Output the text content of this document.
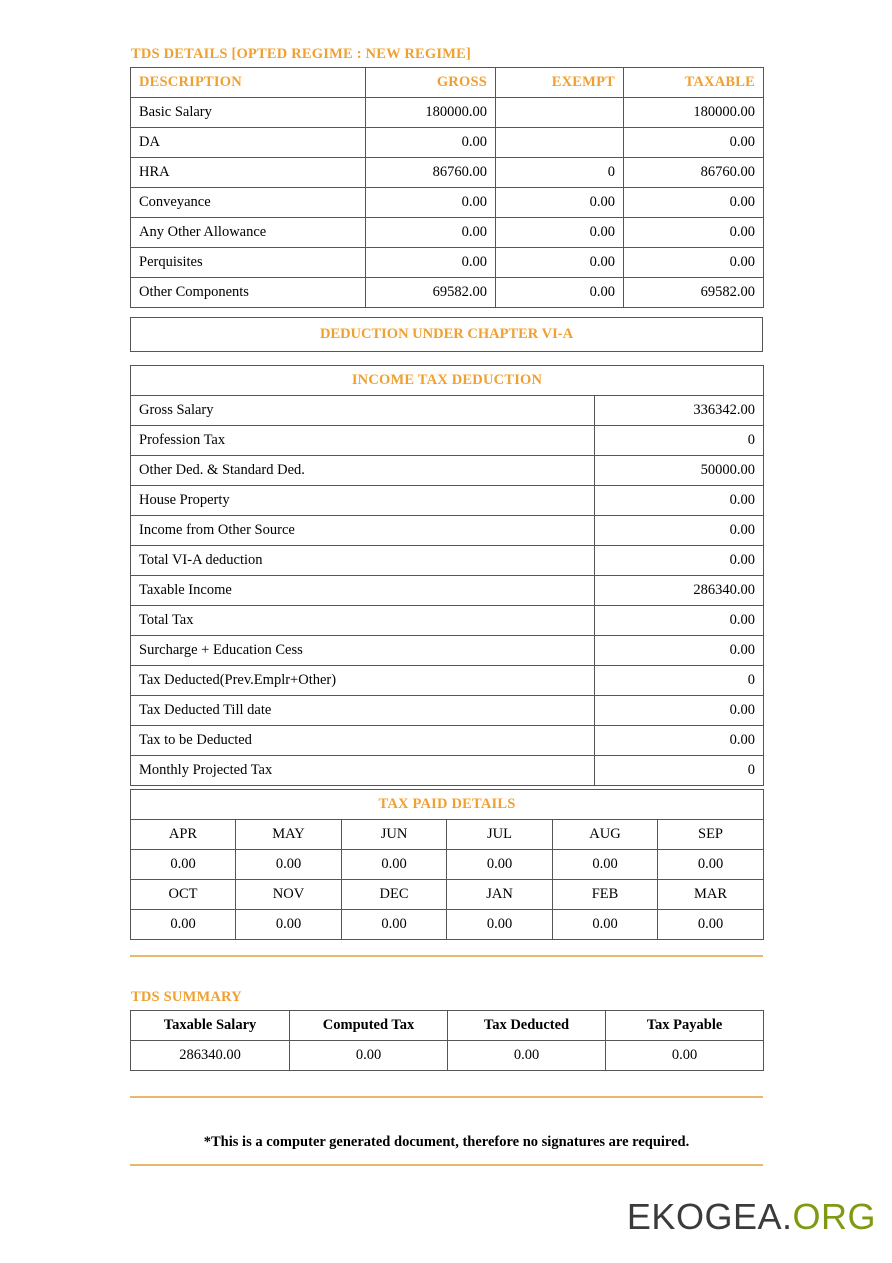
TDS DETAILS [OPTED REGIME : NEW REGIME]
DESCRIPTION	GROSS	EXEMPT	TAXABLE
Basic Salary	180000.00		180000.00
DA	0.00		0.00
HRA	86760.00	0	86760.00
Conveyance	0.00	0.00	0.00
Any Other Allowance	0.00	0.00	0.00
Perquisites	0.00	0.00	0.00
Other Components	69582.00	0.00	69582.00
DEDUCTION UNDER CHAPTER VI-A
INCOME TAX DEDUCTION	
Gross Salary	336342.00
Profession Tax	0
Other Ded. & Standard Ded.	50000.00
House Property	0.00
Income from Other Source	0.00
Total VI-A deduction	0.00
Taxable Income	286340.00
Total Tax	0.00
Surcharge + Education Cess	0.00
Tax Deducted(Prev.Emplr+Other)	0
Tax Deducted Till date	0.00
Tax to be Deducted	0.00
Monthly Projected Tax	0
TAX PAID DETAILS					
APR	MAY	JUN	JUL	AUG	SEP
0.00	0.00	0.00	0.00	0.00	0.00
OCT	NOV	DEC	JAN	FEB	MAR
0.00	0.00	0.00	0.00	0.00	0.00
TDS SUMMARY
Taxable Salary	Computed Tax	Tax Deducted	Tax Payable
286340.00	0.00	0.00	0.00
*This is a computer generated document, therefore no signatures are required.
EKOGEA.ORG
